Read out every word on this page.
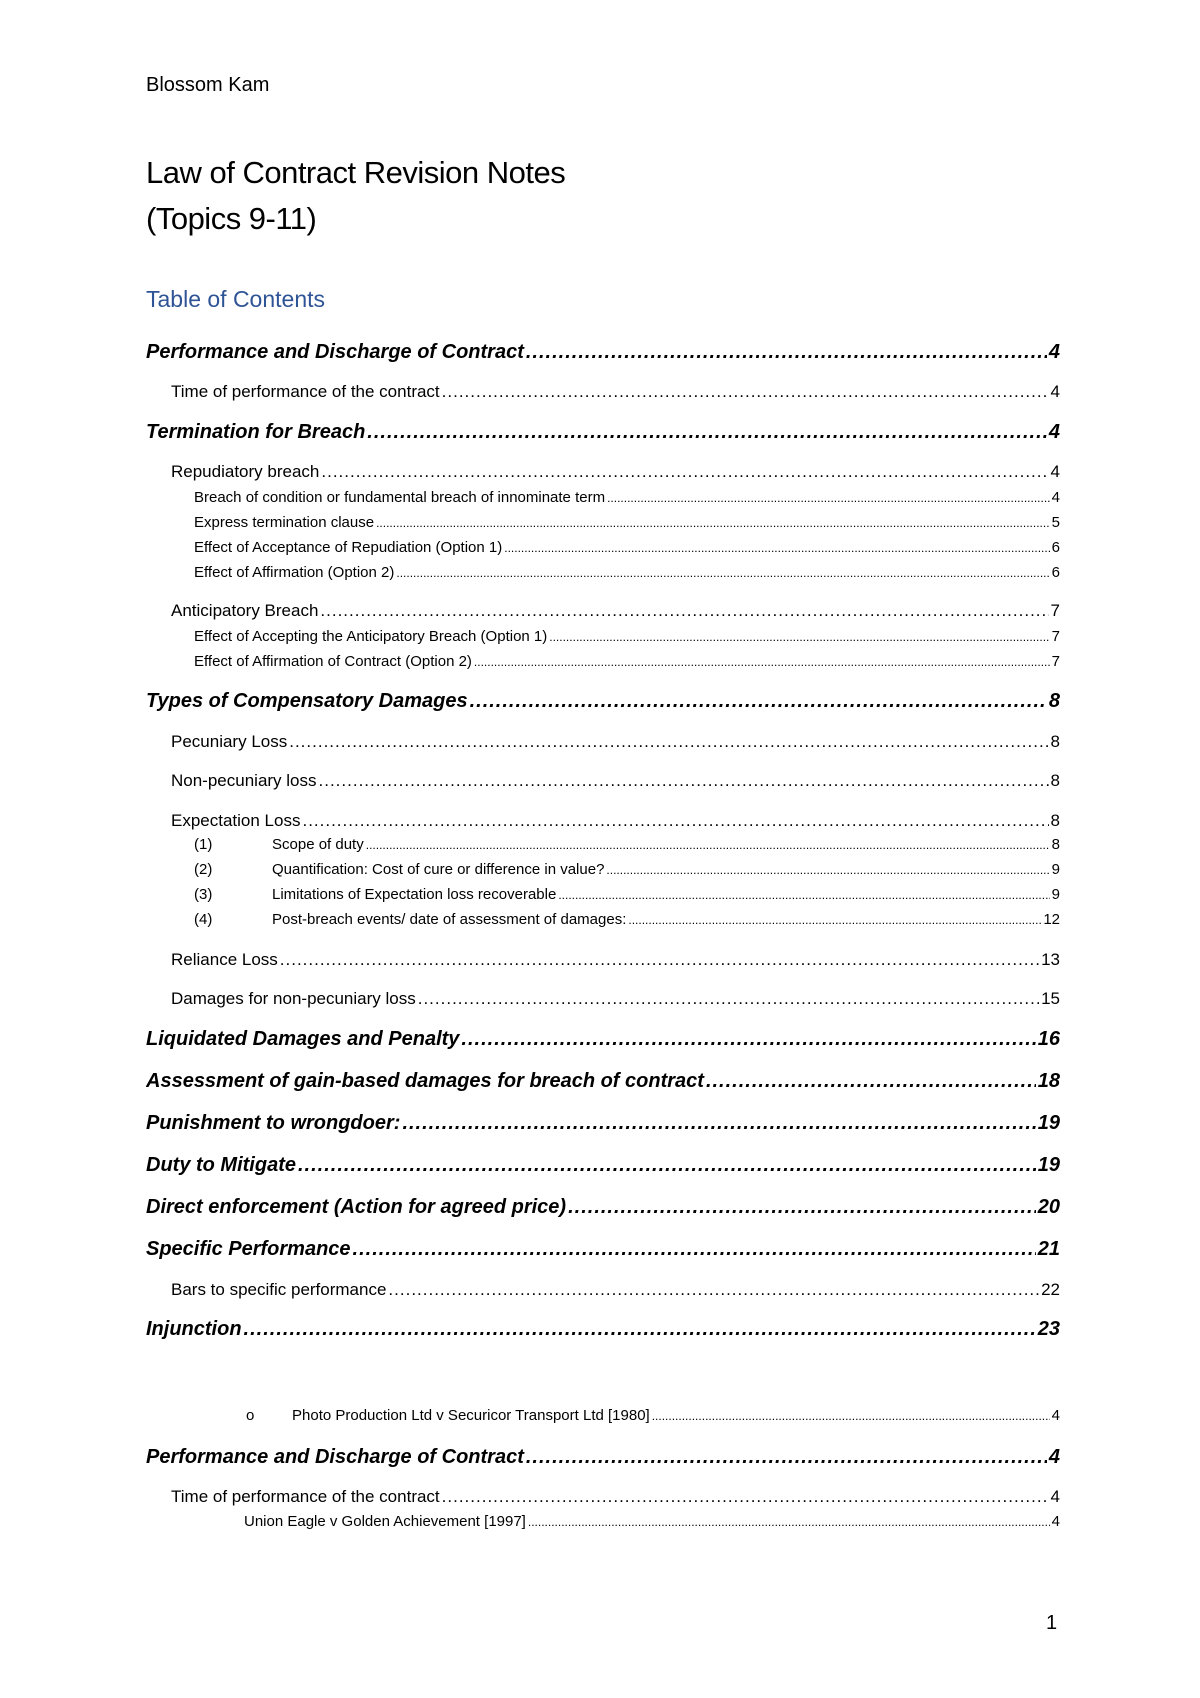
Blossom Kam
Law of Contract Revision Notes
(Topics 9-11)
Table of Contents
Performance and Discharge of Contract .....	4
Time of performance of the contract .....	4
Termination for Breach .....	4
Repudiatory breach .....	4
Breach of condition or fundamental breach of innominate term .....	4
Express termination clause .....	5
Effect of Acceptance of Repudiation (Option 1) .....	6
Effect of Affirmation (Option 2) .....	6
Anticipatory Breach .....	7
Effect of Accepting the Anticipatory Breach (Option 1) .....	7
Effect of Affirmation of Contract (Option 2) .....	7
Types of Compensatory Damages .....	8
Pecuniary Loss .....	8
Non-pecuniary loss .....	8
Expectation Loss .....	8
(1)	Scope of duty .....	8
(2)	Quantification: Cost of cure or difference in value? .....	9
(3)	Limitations of Expectation loss recoverable .....	9
(4)	Post-breach events/ date of assessment of damages: .....	12
Reliance Loss .....	13
Damages for non-pecuniary loss .....	15
Liquidated Damages and Penalty .....	16
Assessment of gain-based damages for breach of contract .....	18
Punishment to wrongdoer: .....	19
Duty to Mitigate .....	19
Direct enforcement (Action for agreed price) .....	20
Specific Performance .....	21
Bars to specific performance .....	22
Injunction .....	23
o	Photo Production Ltd v Securicor Transport Ltd [1980] .....	4
Performance and Discharge of Contract .....	4
Time of performance of the contract .....	4
Union Eagle v Golden Achievement [1997] .....	4
1
